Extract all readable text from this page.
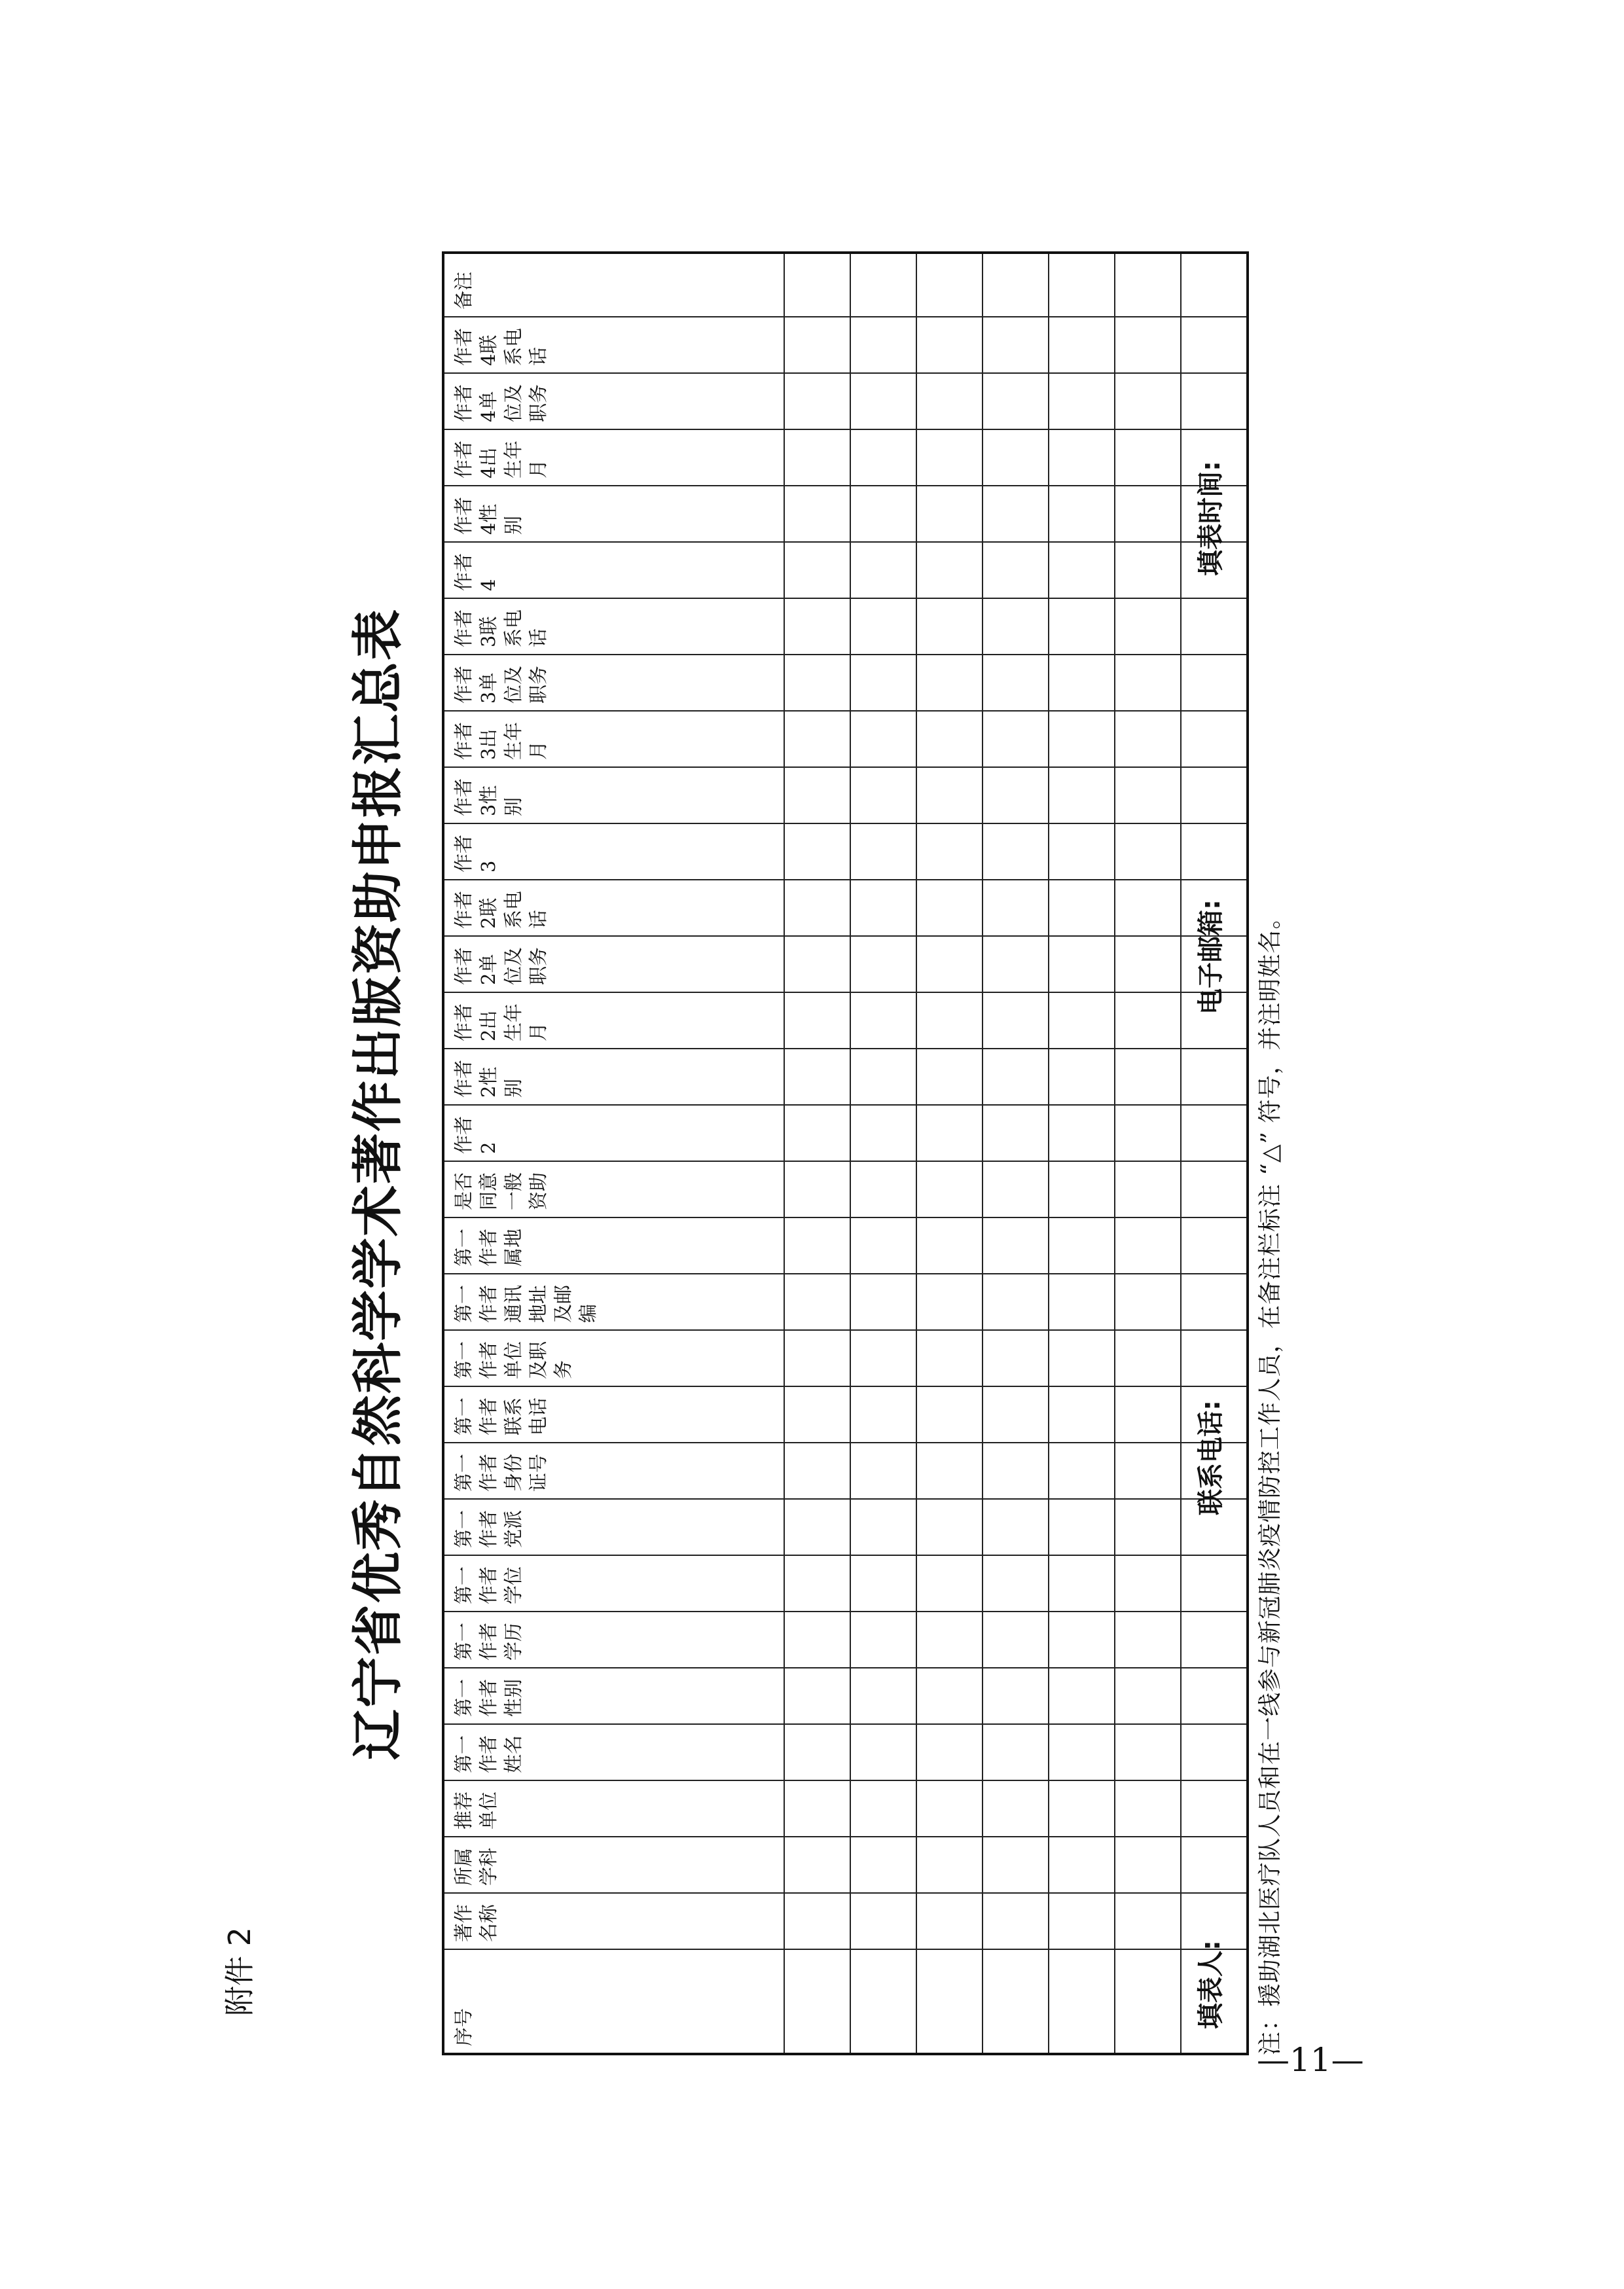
附件 2
辽宁省优秀自然科学学术著作出版资助申报汇总表
序号	著作名称	所属学科	推荐单位	第一作者姓名	第一作者性别	第一作者学历	第一作者学位	第一作者党派	第一作者身份证号	第一作者联系电话	第一作者单位及职务	第一作者通讯地址及邮编	第一作者属地	是否同意一般资助	作者2	作者2性别	作者2出生年月	作者2单位及职务	作者2联系电话	作者3	作者3性别	作者3出生年月	作者3单位及职务	作者3联系电话	作者4	作者4性别	作者4出生年月	作者4单位及职务	作者4联系电话	备注

填表人:
联系电话:
电子邮箱:
填表时间:
注：援助湖北医疗队人员和在一线参与新冠肺炎疫情防控工作人员，在备注栏标注 “△” 符号，并注明姓名。
—11—
